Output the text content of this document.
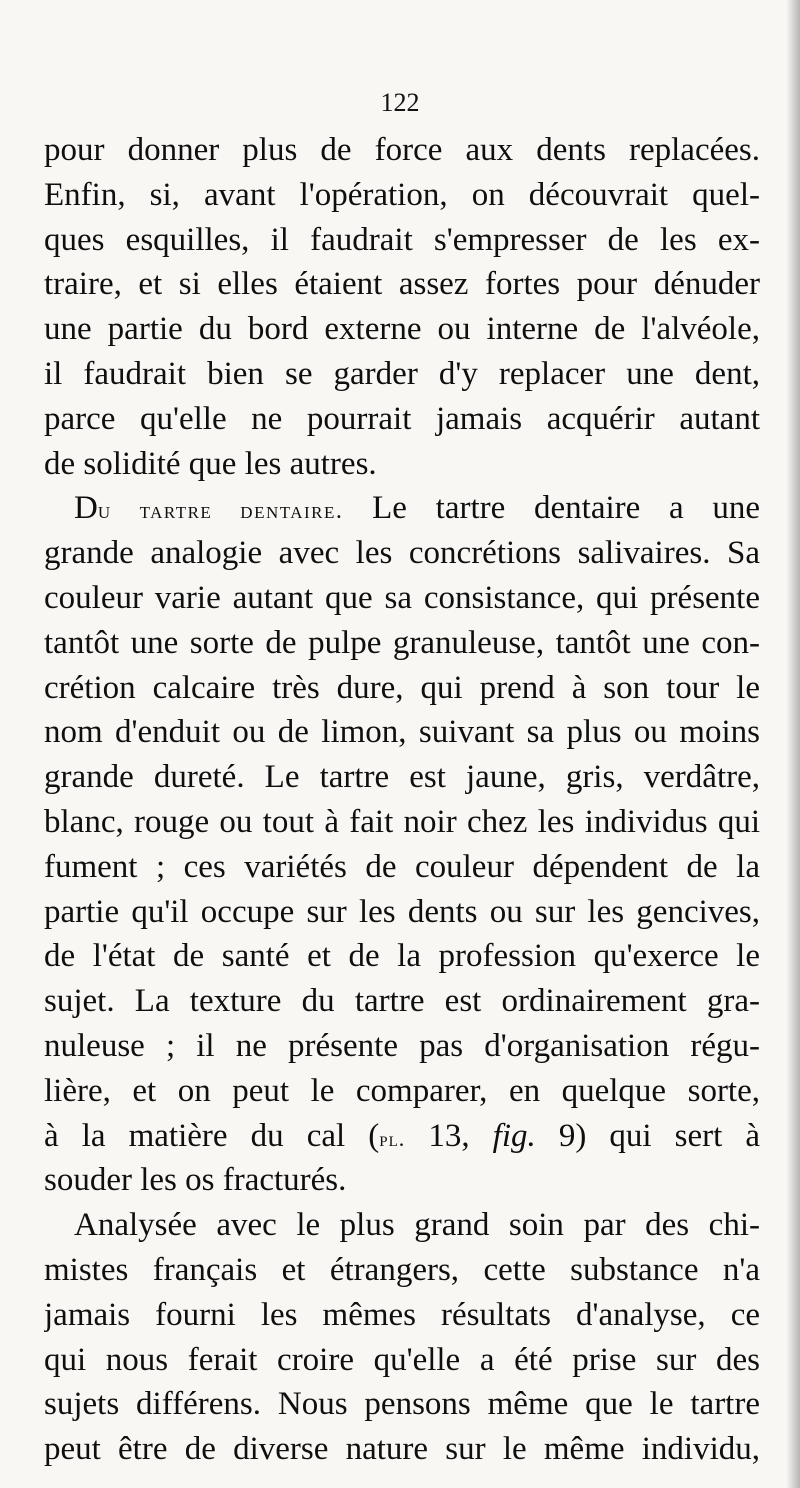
122
pour donner plus de force aux dents replacées.
Enfin, si, avant l'opération, on découvrait quel-
ques esquilles, il faudrait s'empresser de les ex-
traire, et si elles étaient assez fortes pour dénuder
une partie du bord externe ou interne de l'alvéole,
il faudrait bien se garder d'y replacer une dent,
parce qu'elle ne pourrait jamais acquérir autant
de solidité que les autres.
Du tartre dentaire. Le tartre dentaire a une
grande analogie avec les concrétions salivaires. Sa
couleur varie autant que sa consistance, qui présente
tantôt une sorte de pulpe granuleuse, tantôt une con-
crétion calcaire très dure, qui prend à son tour le
nom d'enduit ou de limon, suivant sa plus ou moins
grande dureté. Le tartre est jaune, gris, verdâtre,
blanc, rouge ou tout à fait noir chez les individus qui
fument ; ces variétés de couleur dépendent de la
partie qu'il occupe sur les dents ou sur les gencives,
de l'état de santé et de la profession qu'exerce le
sujet. La texture du tartre est ordinairement gra-
nuleuse ; il ne présente pas d'organisation régu-
lière, et on peut le comparer, en quelque sorte,
à la matière du cal (pl. 13, fig. 9) qui sert à
souder les os fracturés.
Analysée avec le plus grand soin par des chi-
mistes français et étrangers, cette substance n'a
jamais fourni les mêmes résultats d'analyse, ce
qui nous ferait croire qu'elle a été prise sur des
sujets différens. Nous pensons même que le tartre
peut être de diverse nature sur le même individu,
